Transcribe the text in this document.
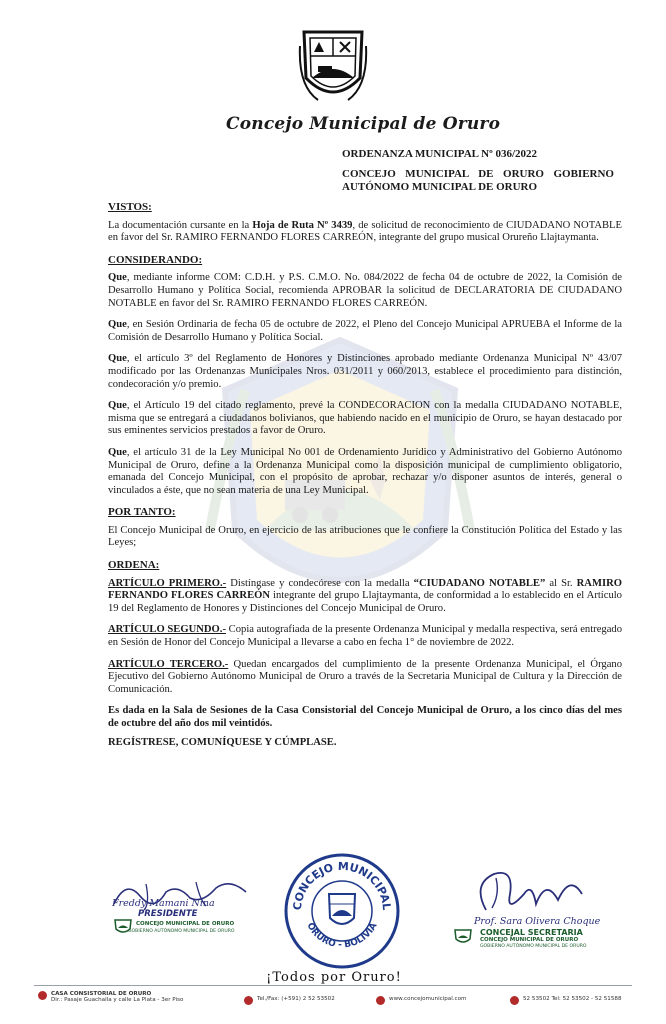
Concejo Municipal de Oruro
ORDENANZA MUNICIPAL Nº 036/2022
CONCEJO MUNICIPAL DE ORURO GOBIERNO AUTÓNOMO MUNICIPAL DE ORURO
VISTOS:

La documentación cursante en la Hoja de Ruta Nº 3439, de solicitud de reconocimiento de CIUDADANO NOTABLE en favor del Sr. RAMIRO FERNANDO FLORES CARREÓN, integrante del grupo musical Orureño Llajtaymanta.

CONSIDERANDO:

Que, mediante informe COM: C.D.H. y P.S. C.M.O. No. 084/2022 de fecha 04 de octubre de 2022, la Comisión de Desarrollo Humano y Política Social, recomienda APROBAR la solicitud de DECLARATORIA DE CIUDADANO NOTABLE en favor del Sr. RAMIRO FERNANDO FLORES CARREÓN.

Que, en Sesión Ordinaria de fecha 05 de octubre de 2022, el Pleno del Concejo Municipal APRUEBA el Informe de la Comisión de Desarrollo Humano y Política Social.

Que, el artículo 3º del Reglamento de Honores y Distinciones aprobado mediante Ordenanza Municipal Nº 43/07 modificado por las Ordenanzas Municipales Nros. 031/2011 y 060/2013, establece el procedimiento para distinción, condecoración y/o premio.

Que, el Artículo 19 del citado reglamento, prevé la CONDECORACION con la medalla CIUDADANO NOTABLE, misma que se entregará a ciudadanos bolivianos, que habiendo nacido en el municipio de Oruro, se hayan destacado por sus eminentes servicios prestados a favor de Oruro.

Que, el artículo 31 de la Ley Municipal No 001 de Ordenamiento Jurídico y Administrativo del Gobierno Autónomo Municipal de Oruro, define a la Ordenanza Municipal como la disposición municipal de cumplimiento obligatorio, emanada del Concejo Municipal, con el propósito de aprobar, rechazar y/o disponer asuntos de interés, general o vinculados a éste, que no sean materia de una Ley Municipal.

POR TANTO:

El Concejo Municipal de Oruro, en ejercicio de las atribuciones que le confiere la Constitución Política del Estado y las Leyes;

ORDENA:

ARTÍCULO PRIMERO.- Distíngase y condecórese con la medalla “CIUDADANO NOTABLE” al Sr. RAMIRO FERNANDO FLORES CARREÓN integrante del grupo Llajtaymanta, de conformidad a lo establecido en el Artículo 19 del Reglamento de Honores y Distinciones del Concejo Municipal de Oruro.

ARTÍCULO SEGUNDO.- Copia autografiada de la presente Ordenanza Municipal y medalla respectiva, será entregado en Sesión de Honor del Concejo Municipal a llevarse a cabo en fecha 1° de noviembre de 2022.

ARTÍCULO TERCERO.- Quedan encargados del cumplimiento de la presente Ordenanza Municipal, el Órgano Ejecutivo del Gobierno Autónomo Municipal de Oruro a través de la Secretaria Municipal de Cultura y la Dirección de Comunicación.

Es dada en la Sala de Sesiones de la Casa Consistorial del Concejo Municipal de Oruro, a los cinco días del mes de octubre del año dos mil veintidós.

REGÍSTRESE, COMUNÍQUESE Y CÚMPLASE.
Freddy Mamani Nina
PRESIDENTE
CONCEJO MUNICIPAL DE ORURO
GOBIERNO AUTÓNOMO MUNICIPAL DE ORURO
CONCEJO MUNICIPAL
ORURO - BOLIVIA	Prof. Sara Olivera Choque
CONCEJAL SECRETARIA
CONCEJO MUNICIPAL DE ORURO
GOBIERNO AUTÓNOMO MUNICIPAL DE ORURO
¡Todos por Oruro!
CASA CONSISTORIAL DE ORURO
Dir.: Pasaje Guachalla y calle La Plata - 3er Piso	Tel./Fax: (+591) 2 52 53502	www.concejomunicipal.com	52 53502 Tel: 52 53502 - 52 51588
